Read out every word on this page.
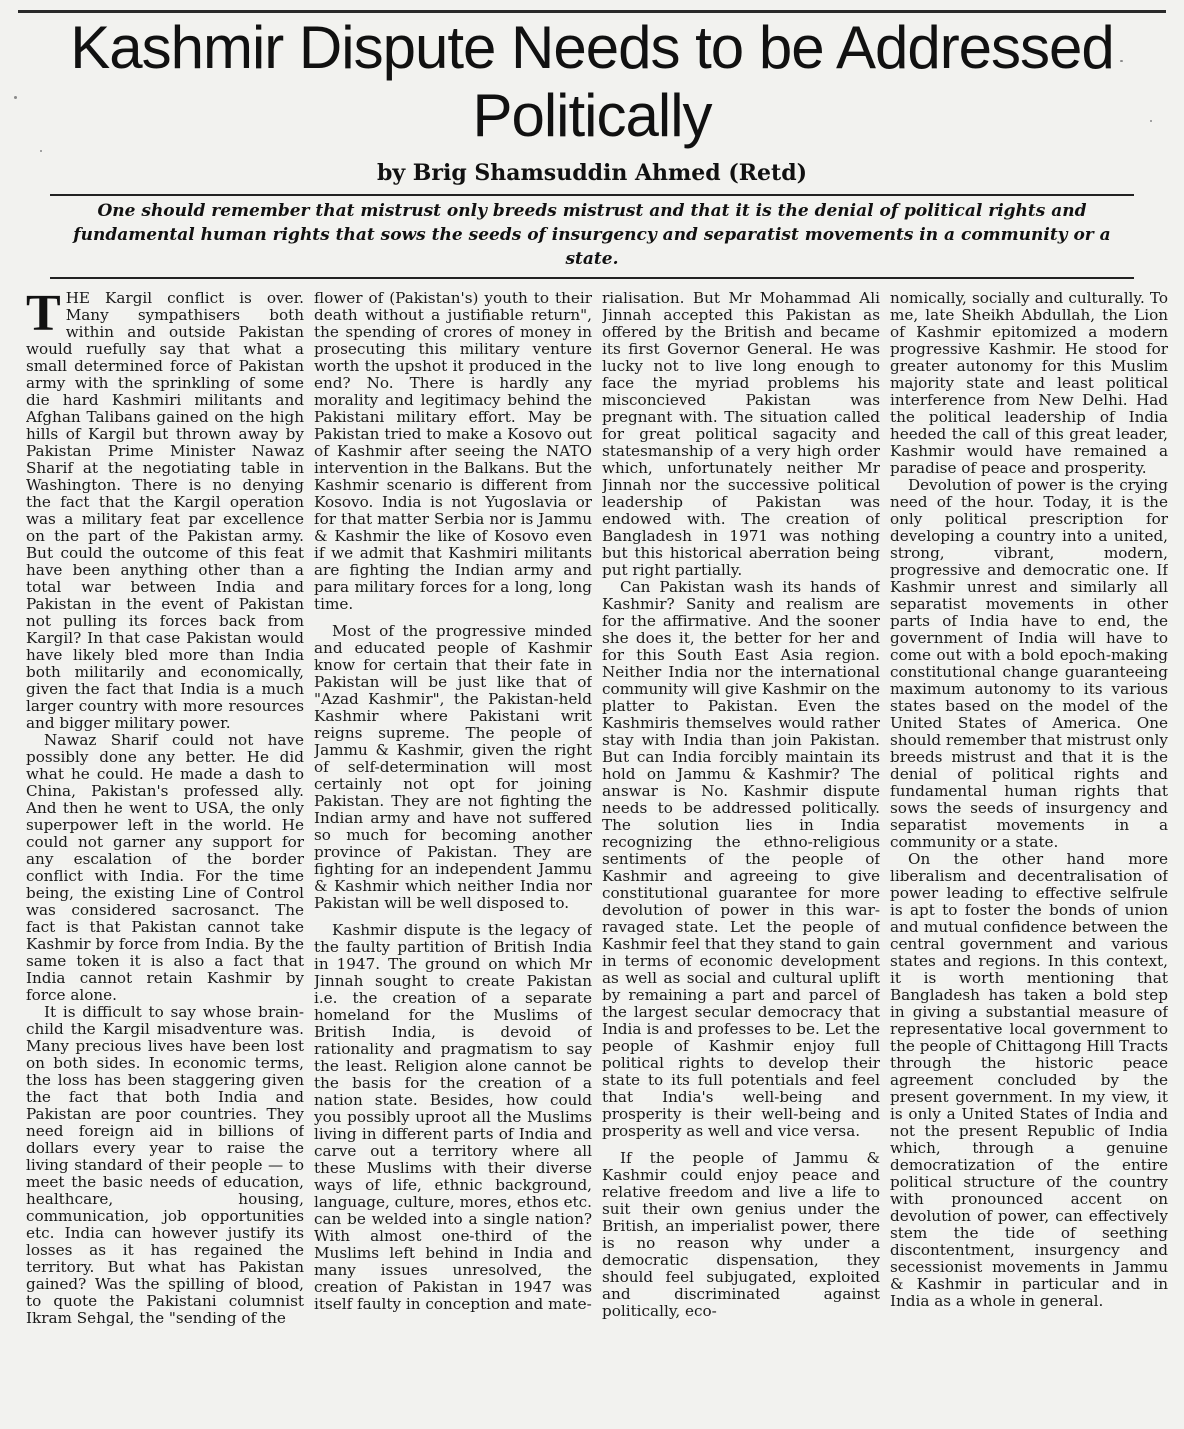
Kashmir Dispute Needs to be Addressed Politically
by Brig Shamsuddin Ahmed (Retd)
One should remember that mistrust only breeds mistrust and that it is the denial of political rights and fundamental human rights that sows the seeds of insurgency and separatist movements in a community or a state.

THE Kargil conflict is over. Many sympathisers both within and outside Pakistan would ruefully say that what a small determined force of Pakistan army with the sprinkling of some die hard Kashmiri militants and Afghan Talibans gained on the high hills of Kargil but thrown away by Pakistan Prime Minister Nawaz Sharif at the negotiating table in Washington. There is no denying the fact that the Kargil operation was a military feat par excellence on the part of the Pakistan army. But could the outcome of this feat have been anything other than a total war between India and Pakistan in the event of Pakistan not pulling its forces back from Kargil? In that case Pakistan would have likely bled more than India both militarily and economically, given the fact that India is a much larger country with more resources and bigger military power.

Nawaz Sharif could not have possibly done any better. He did what he could. He made a dash to China, Pakistan's professed ally. And then he went to USA, the only superpower left in the world. He could not garner any support for any escalation of the border conflict with India. For the time being, the existing Line of Control was considered sacrosanct. The fact is that Pakistan cannot take Kashmir by force from India. By the same token it is also a fact that India cannot retain Kashmir by force alone.

It is difficult to say whose brain-child the Kargil misadventure was. Many precious lives have been lost on both sides. In economic terms, the loss has been staggering given the fact that both India and Pakistan are poor countries. They need foreign aid in billions of dollars every year to raise the living standard of their people — to meet the basic needs of education, healthcare, housing, communication, job opportunities etc. India can however justify its losses as it has regained the territory. But what has Pakistan gained? Was the spilling of blood, to quote the Pakistani columnist Ikram Sehgal, the "sending of the

flower of (Pakistan's) youth to their death without a justifiable return", the spending of crores of money in prosecuting this military venture worth the upshot it produced in the end? No. There is hardly any morality and legitimacy behind the Pakistani military effort. May be Pakistan tried to make a Kosovo out of Kashmir after seeing the NATO intervention in the Balkans. But the Kashmir scenario is different from Kosovo. India is not Yugoslavia or for that matter Serbia nor is Jammu & Kashmir the like of Kosovo even if we admit that Kashmiri militants are fighting the Indian army and para military forces for a long, long time.

Most of the progressive minded and educated people of Kashmir know for certain that their fate in Pakistan will be just like that of "Azad Kashmir", the Pakistan-held Kashmir where Pakistani writ reigns supreme. The people of Jammu & Kashmir, given the right of self-determination will most certainly not opt for joining Pakistan. They are not fighting the Indian army and have not suffered so much for becoming another province of Pakistan. They are fighting for an independent Jammu & Kashmir which neither India nor Pakistan will be well disposed to.

Kashmir dispute is the legacy of the faulty partition of British India in 1947. The ground on which Mr Jinnah sought to create Pakistan i.e. the creation of a separate homeland for the Muslims of British India, is devoid of rationality and pragmatism to say the least. Religion alone cannot be the basis for the creation of a nation state. Besides, how could you possibly uproot all the Muslims living in different parts of India and carve out a territory where all these Muslims with their diverse ways of life, ethnic background, language, culture, mores, ethos etc. can be welded into a single nation? With almost one-third of the Muslims left behind in India and many issues unresolved, the creation of Pakistan in 1947 was itself faulty in conception and mate-

rialisation. But Mr Mohammad Ali Jinnah accepted this Pakistan as offered by the British and became its first Governor General. He was lucky not to live long enough to face the myriad problems his misconcieved Pakistan was pregnant with. The situation called for great political sagacity and statesmanship of a very high order which, unfortunately neither Mr Jinnah nor the successive political leadership of Pakistan was endowed with. The creation of Bangladesh in 1971 was nothing but this historical aberration being put right partially.

Can Pakistan wash its hands of Kashmir? Sanity and realism are for the affirmative. And the sooner she does it, the better for her and for this South East Asia region. Neither India nor the international community will give Kashmir on the platter to Pakistan. Even the Kashmiris themselves would rather stay with India than join Pakistan. But can India forcibly maintain its hold on Jammu & Kashmir? The answar is No. Kashmir dispute needs to be addressed politically. The solution lies in India recognizing the ethno-religious sentiments of the people of Kashmir and agreeing to give constitutional guarantee for more devolution of power in this war-ravaged state. Let the people of Kashmir feel that they stand to gain in terms of economic development as well as social and cultural uplift by remaining a part and parcel of the largest secular democracy that India is and professes to be. Let the people of Kashmir enjoy full political rights to develop their state to its full potentials and feel that India's well-being and prosperity is their well-being and prosperity as well and vice versa.

If the people of Jammu & Kashmir could enjoy peace and relative freedom and live a life to suit their own genius under the British, an imperialist power, there is no reason why under a democratic dispensation, they should feel subjugated, exploited and discriminated against politically, eco-

nomically, socially and culturally. To me, late Sheikh Abdullah, the Lion of Kashmir epitomized a modern progressive Kashmir. He stood for greater autonomy for this Muslim majority state and least political interference from New Delhi. Had the political leadership of India heeded the call of this great leader, Kashmir would have remained a paradise of peace and prosperity.

Devolution of power is the crying need of the hour. Today, it is the only political prescription for developing a country into a united, strong, vibrant, modern, progressive and democratic one. If Kashmir unrest and similarly all separatist movements in other parts of India have to end, the government of India will have to come out with a bold epoch-making constitutional change guaranteeing maximum autonomy to its various states based on the model of the United States of America. One should remember that mistrust only breeds mistrust and that it is the denial of political rights and fundamental human rights that sows the seeds of insurgency and separatist movements in a community or a state.

On the other hand more liberalism and decentralisation of power leading to effective selfrule is apt to foster the bonds of union and mutual confidence between the central government and various states and regions. In this context, it is worth mentioning that Bangladesh has taken a bold step in giving a substantial measure of representative local government to the people of Chittagong Hill Tracts through the historic peace agreement concluded by the present government. In my view, it is only a United States of India and not the present Republic of India which, through a genuine democratization of the entire political structure of the country with pronounced accent on devolution of power, can effectively stem the tide of seething discontentment, insurgency and secessionist movements in Jammu & Kashmir in particular and in India as a whole in general.
